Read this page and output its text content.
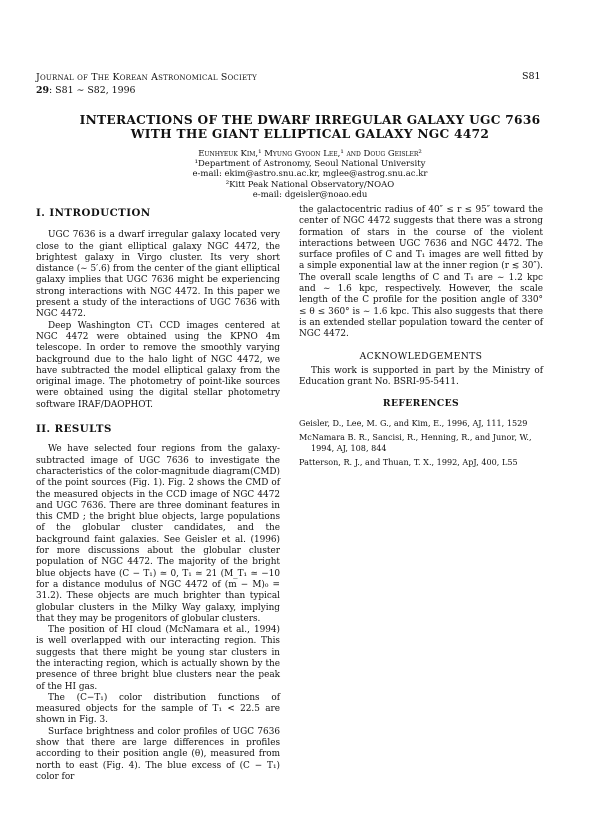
Journal of The Korean Astronomical Society
29: S81 ∼ S82, 1996
S81
INTERACTIONS OF THE DWARF IRREGULAR GALAXY UGC 7636
WITH THE GIANT ELLIPTICAL GALAXY NGC 4472
Eunhyeuk Kim,¹ Myung Gyoon Lee,¹ and Doug Geisler²
¹Department of Astronomy, Seoul National University
e-mail: ekim@astro.snu.ac.kr, mglee@astrog.snu.ac.kr
²Kitt Peak National Observatory/NOAO
e-mail: dgeisler@noao.edu
I. INTRODUCTION

UGC 7636 is a dwarf irregular galaxy located very close to the giant elliptical galaxy NGC 4472, the brightest galaxy in Virgo cluster. Its very short distance (∼ 5′.6) from the center of the giant elliptical galaxy implies that UGC 7636 might be experiencing strong interactions with NGC 4472. In this paper we present a study of the interactions of UGC 7636 with NGC 4472.

Deep Washington CT₁ CCD images centered at NGC 4472 were obtained using the KPNO 4m telescope. In order to remove the smoothly varying background due to the halo light of NGC 4472, we have subtracted the model elliptical galaxy from the original image. The photometry of point-like sources were obtained using the digital stellar photometry software IRAF/DAOPHOT.

II. RESULTS

We have selected four regions from the galaxy-subtracted image of UGC 7636 to investigate the characteristics of the color-magnitude diagram(CMD) of the point sources (Fig. 1). Fig. 2 shows the CMD of the measured objects in the CCD image of NGC 4472 and UGC 7636. There are three dominant features in this CMD ; the bright blue objects, large populations of the globular cluster candidates, and the background faint galaxies. See Geisler et al. (1996) for more discussions about the globular cluster population of NGC 4472. The majority of the bright blue objects have (C − T₁) ≃ 0, T₁ ≃ 21 (M_T₁ ≃ −10 for a distance modulus of NGC 4472 of (m − M)₀ = 31.2). These objects are much brighter than typical globular clusters in the Milky Way galaxy, implying that they may be progenitors of globular clusters.

The position of HI cloud (McNamara et al., 1994) is well overlapped with our interacting region. This suggests that there might be young star clusters in the interacting region, which is actually shown by the presence of three bright blue clusters near the peak of the HI gas.

The (C−T₁) color distribution functions of measured objects for the sample of T₁ < 22.5 are shown in Fig. 3.

Surface brightness and color profiles of UGC 7636 show that there are large differences in profiles according to their position angle (θ), measured from north to east (Fig. 4). The blue excess of (C − T₁) color for

the galactocentric radius of 40″ ≤ r ≤ 95″ toward the center of NGC 4472 suggests that there was a strong formation of stars in the course of the violent interactions between UGC 7636 and NGC 4472. The surface profiles of C and T₁ images are well fitted by a simple exponential law at the inner region (r ≲ 30″). The overall scale lengths of C and T₁ are ∼ 1.2 kpc and ∼ 1.6 kpc, respectively. However, the scale length of the C profile for the position angle of 330° ≤ θ ≤ 360° is ∼ 1.6 kpc. This also suggests that there is an extended stellar population toward the center of NGC 4472.

ACKNOWLEDGEMENTS

This work is supported in part by the Ministry of Education grant No. BSRI-95-5411.

REFERENCES

Geisler, D., Lee, M. G., and Kim, E., 1996, AJ, 111, 1529

McNamara B. R., Sancisi, R., Henning, R., and Junor, W., 1994, AJ, 108, 844

Patterson, R. J., and Thuan, T. X., 1992, ApJ, 400, L55
